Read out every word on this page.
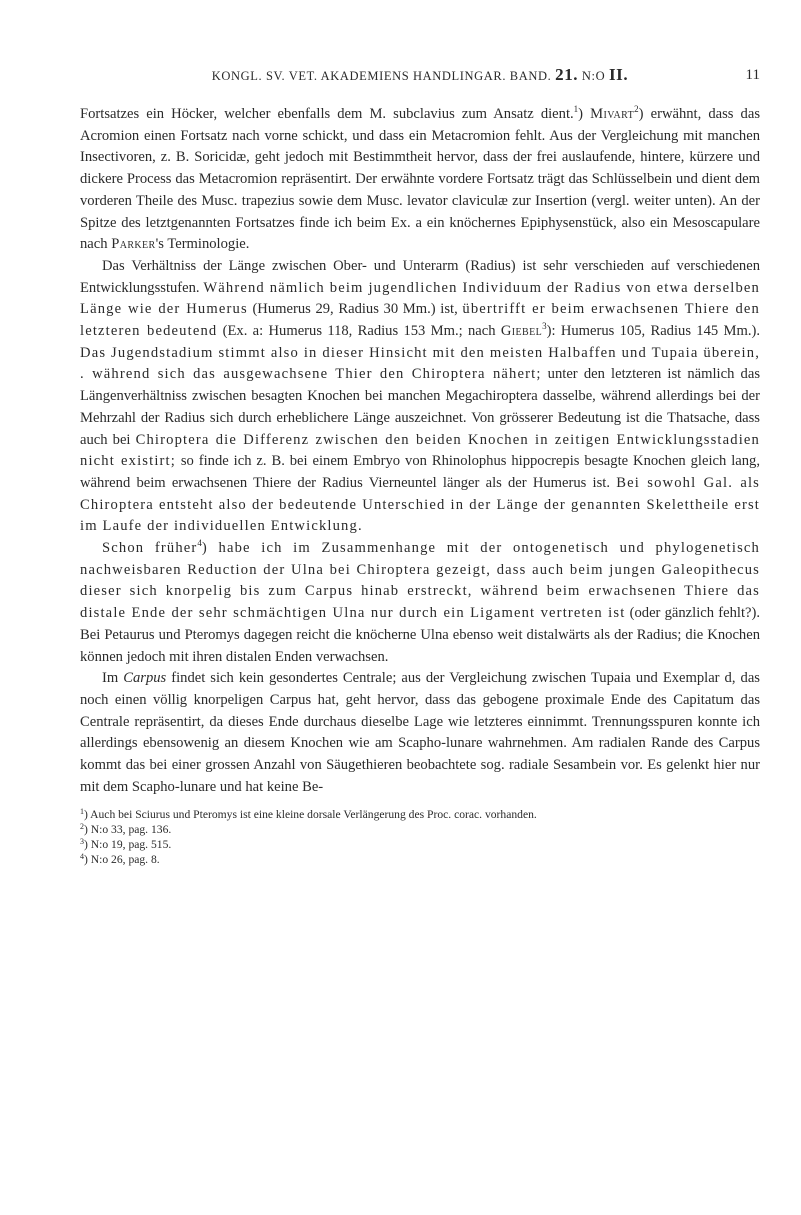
KONGL. SV. VET. AKADEMIENS HANDLINGAR. BAND. 21. N:O II.	11

Fortsatzes ein Höcker, welcher ebenfalls dem M. subclavius zum Ansatz dient.$^1$) Mivart$^2$) erwähnt, dass das Acromion einen Fortsatz nach vorne schickt, und dass ein Metacromion fehlt. Aus der Vergleichung mit manchen Insectivoren, z. B. Soricidæ, geht jedoch mit Bestimmtheit hervor, dass der frei auslaufende, hintere, kürzere und dickere Process das Metacromion repräsentirt. Der erwähnte vordere Fortsatz trägt das Schlüsselbein und dient dem vorderen Theile des Musc. trapezius sowie dem Musc. levator claviculæ zur Insertion (vergl. weiter unten). An der Spitze des letztgenannten Fortsatzes finde ich beim Ex. a ein knöchernes Epiphysenstück, also ein Mesoscapulare nach Parker's Terminologie.

Das Verhältniss der Länge zwischen Ober- und Unterarm (Radius) ist sehr verschieden auf verschiedenen Entwicklungsstufen. Während nämlich beim jugendlichen Individuum der Radius von etwa derselben Länge wie der Humerus (Humerus 29, Radius 30 Mm.) ist, übertrifft er beim erwachsenen Thiere den letzteren bedeutend (Ex. a: Humerus 118, Radius 153 Mm.; nach Giebel$^3$): Humerus 105, Radius 145 Mm.). Das Jugendstadium stimmt also in dieser Hinsicht mit den meisten Halbaffen und Tupaia überein, . während sich das ausgewachsene Thier den Chiroptera nähert; unter den letzteren ist nämlich das Längenverhältniss zwischen besagten Knochen bei manchen Megachiroptera dasselbe, während allerdings bei der Mehrzahl der Radius sich durch erheblichere Länge auszeichnet. Von grösserer Bedeutung ist die Thatsache, dass auch bei Chiroptera die Differenz zwischen den beiden Knochen in zeitigen Entwicklungsstadien nicht existirt; so finde ich z. B. bei einem Embryo von Rhinolophus hippocrepis besagte Knochen gleich lang, während beim erwachsenen Thiere der Radius Vierneuntel länger als der Humerus ist. Bei sowohl Gal. als Chiroptera entsteht also der bedeutende Unterschied in der Länge der genannten Skelettheile erst im Laufe der individuellen Entwicklung.

Schon früher$^4$) habe ich im Zusammenhange mit der ontogenetisch und phylogenetisch nachweisbaren Reduction der Ulna bei Chiroptera gezeigt, dass auch beim jungen Galeopithecus dieser sich knorpelig bis zum Carpus hinab erstreckt, während beim erwachsenen Thiere das distale Ende der sehr schmächtigen Ulna nur durch ein Ligament vertreten ist (oder gänzlich fehlt?). Bei Petaurus und Pteromys dagegen reicht die knöcherne Ulna ebenso weit distalwärts als der Radius; die Knochen können jedoch mit ihren distalen Enden verwachsen.

Im Carpus findet sich kein gesondertes Centrale; aus der Vergleichung zwischen Tupaia und Exemplar d, das noch einen völlig knorpeligen Carpus hat, geht hervor, dass das gebogene proximale Ende des Capitatum das Centrale repräsentirt, da dieses Ende durchaus dieselbe Lage wie letzteres einnimmt. Trennungsspuren konnte ich allerdings ebensowenig an diesem Knochen wie am Scapho-lunare wahrnehmen. Am radialen Rande des Carpus kommt das bei einer grossen Anzahl von Säugethieren beobachtete sog. radiale Sesambein vor. Es gelenkt hier nur mit dem Scapho-lunare und hat keine Be-

$^1$) Auch bei Sciurus und Pteromys ist eine kleine dorsale Verlängerung des Proc. corac. vorhanden.
$^2$) N:o 33, pag. 136.
$^3$) N:o 19, pag. 515.
$^4$) N:o 26, pag. 8.
